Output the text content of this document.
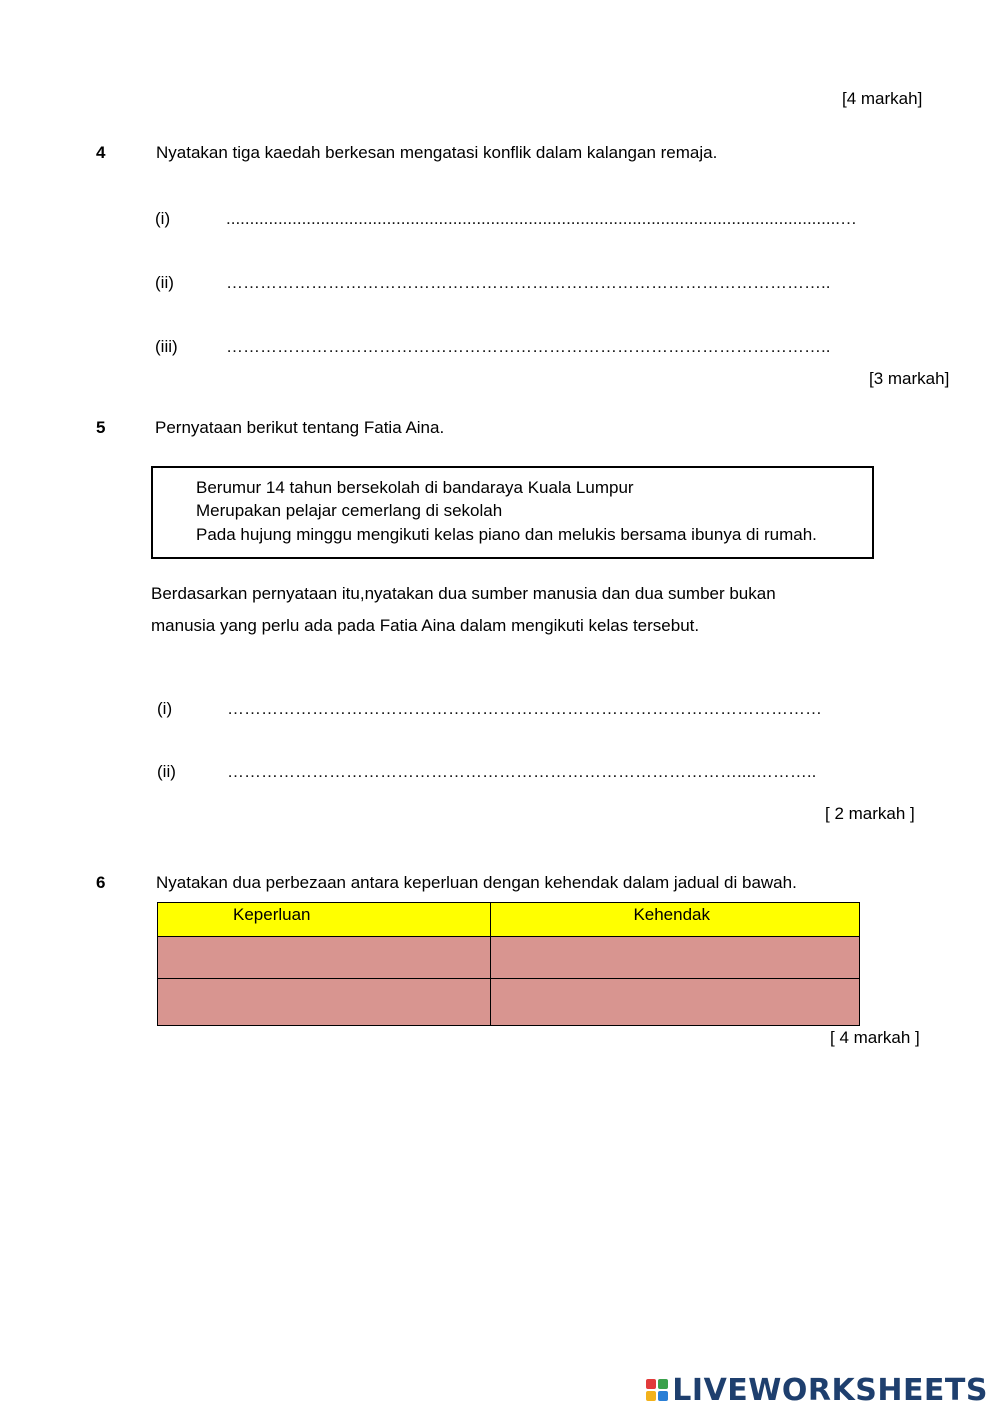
[4 markah]
4	Nyatakan tiga kaedah berkesan mengatasi konflik dalam kalangan remaja.
(i)	..................................................................................................................................…
(ii)	……………………………………………………………………………………………..
(iii)	……………………………………………………………………………………………..
[3 markah]
5	Pernyataan berikut tentang Fatia Aina.
Berumur 14 tahun bersekolah di bandaraya Kuala Lumpur
Merupakan pelajar cemerlang di sekolah
Pada hujung minggu mengikuti kelas piano dan melukis bersama ibunya di rumah.
Berdasarkan pernyataan itu,nyatakan dua sumber manusia dan dua sumber bukan
manusia yang perlu ada pada Fatia Aina dalam mengikuti kelas tersebut.
(i)	……………………………………………………………………………………………
(ii)	………………………………………………………………………………....………..
[ 2 markah ]
6	Nyatakan dua perbezaan antara keperluan dengan kehendak dalam jadual di bawah.
Keperluan	Kehendak

[ 4 markah ]
LIVEWORKSHEETS
